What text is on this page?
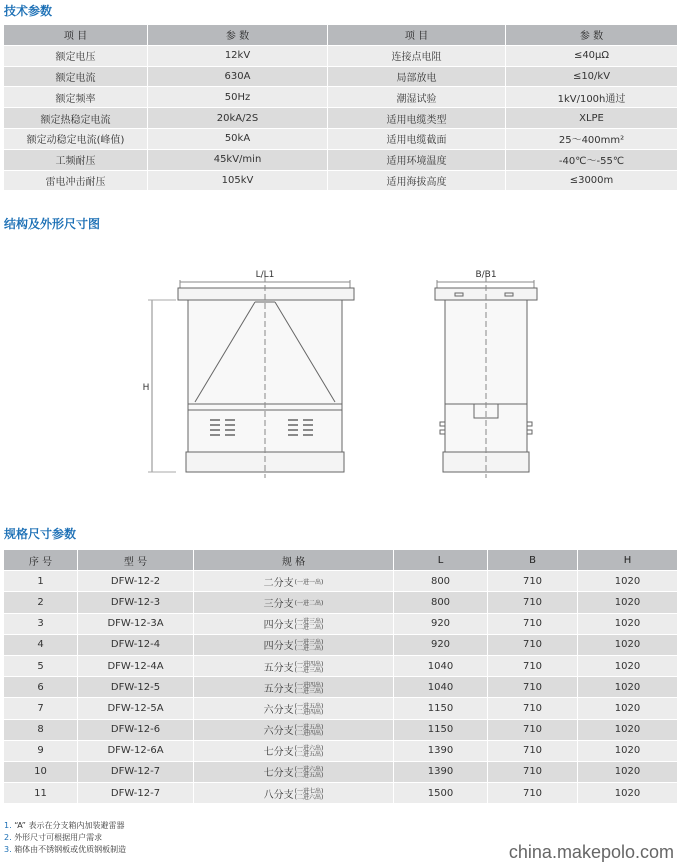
技术参数
项 目	参 数	项 目	参 数
额定电压	12kV	连接点电阻	≤40μΩ
额定电流	630A	局部放电	≤10/kV
额定频率	50Hz	潮湿试验	1kV/100h通过
额定热稳定电流	20kA/2S	适用电缆类型	XLPE
额定动稳定电流(峰值)	50kA	适用电缆截面	25～400mm²
工频耐压	45kV/min	适用环境温度	-40℃～-55℃
雷电冲击耐压	105kV	适用海拔高度	≤3000m
结构及外形尺寸图
L/L1
H
B/B1
规格尺寸参数
序 号	型 号	规 格	L	B	H
1	DFW-12-2	二分支 (一进一出)	800	710	1020
2	DFW-12-3	三分支 (一进二出)	800	710	1020
3	DFW-12-3A	四分支 (一进三出)
(二进二出)	920	710	1020
4	DFW-12-4	四分支 (一进三出)
(二进二出)	920	710	1020
5	DFW-12-4A	五分支 (一进四出)
(二进三出)	1040	710	1020
6	DFW-12-5	五分支 (一进四出)
(二进三出)	1040	710	1020
7	DFW-12-5A	六分支 (一进五出)
(二进四出)	1150	710	1020
8	DFW-12-6	六分支 (一进五出)
(二进四出)	1150	710	1020
9	DFW-12-6A	七分支 (一进六出)
(二进五出)	1390	710	1020
10	DFW-12-7	七分支 (一进六出)
(二进五出)	1390	710	1020
11	DFW-12-7	八分支 (一进七出)
(二进六出)	1500	710	1020
1. “A” 表示在分支箱内加装避雷器
2. 外形尺寸可根据用户需求
3. 箱体由不锈钢板或优质钢板制造	china.makepolo.com
